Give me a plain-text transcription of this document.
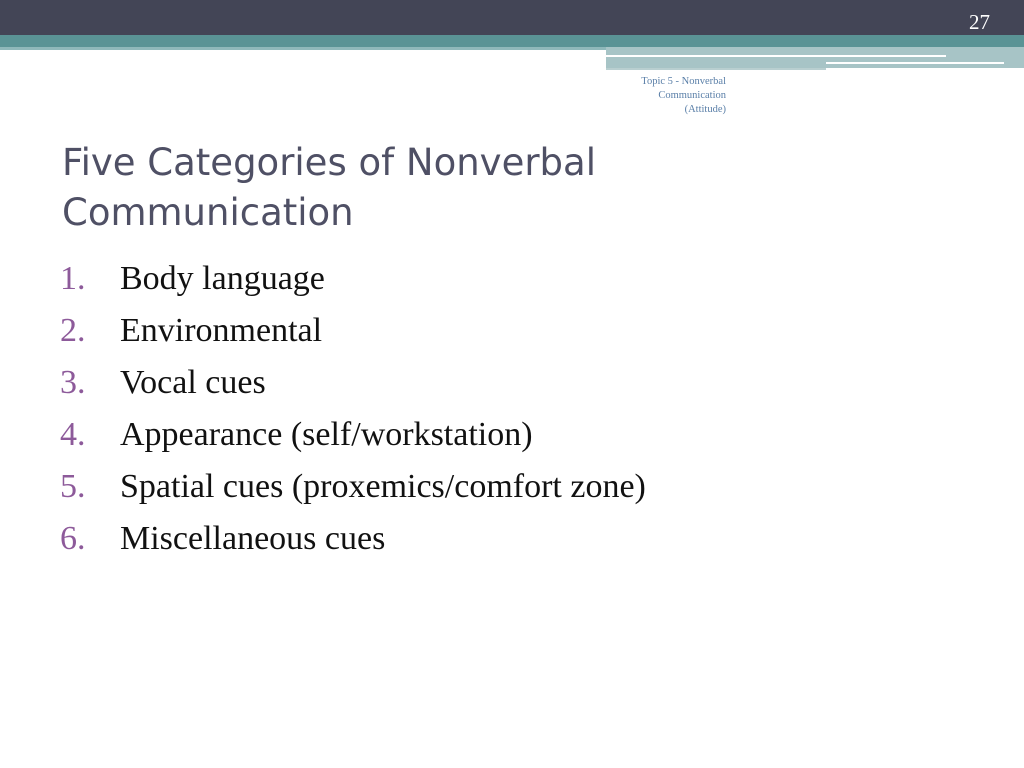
27
Topic 5 - Nonverbal
Communication
(Attitude)
Five Categories of Nonverbal
Communication
1.	Body language
2.	Environmental
3.	Vocal cues
4.	Appearance (self/workstation)
5.	Spatial cues (proxemics/comfort zone)
6.	Miscellaneous cues
